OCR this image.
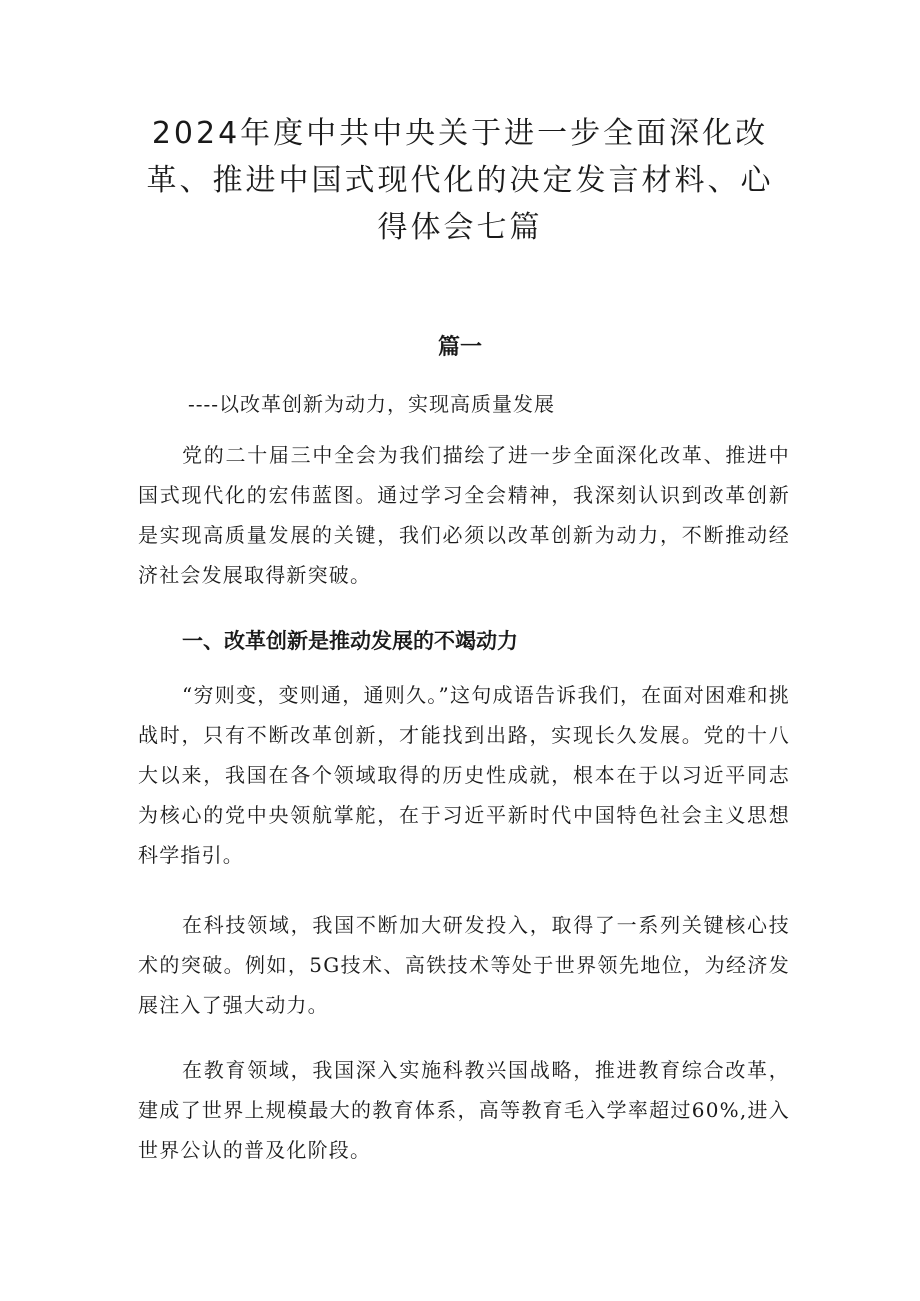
2024年度中共中央关于进一步全面深化改革、推进中国式现代化的决定发言材料、心得体会七篇
篇一

----以改革创新为动力，实现高质量发展

党的二十届三中全会为我们描绘了进一步全面深化改革、推进中国式现代化的宏伟蓝图。通过学习全会精神，我深刻认识到改革创新是实现高质量发展的关键，我们必须以改革创新为动力，不断推动经济社会发展取得新突破。

一、改革创新是推动发展的不竭动力

“穷则变，变则通，通则久。”这句成语告诉我们，在面对困难和挑战时，只有不断改革创新，才能找到出路，实现长久发展。党的十八大以来，我国在各个领域取得的历史性成就，根本在于以习近平同志为核心的党中央领航掌舵，在于习近平新时代中国特色社会主义思想科学指引。

在科技领域，我国不断加大研发投入，取得了一系列关键核心技术的突破。例如，5G技术、高铁技术等处于世界领先地位，为经济发展注入了强大动力。

在教育领域，我国深入实施科教兴国战略，推进教育综合改革，建成了世界上规模最大的教育体系，高等教育毛入学率超过60%,进入世界公认的普及化阶段。
